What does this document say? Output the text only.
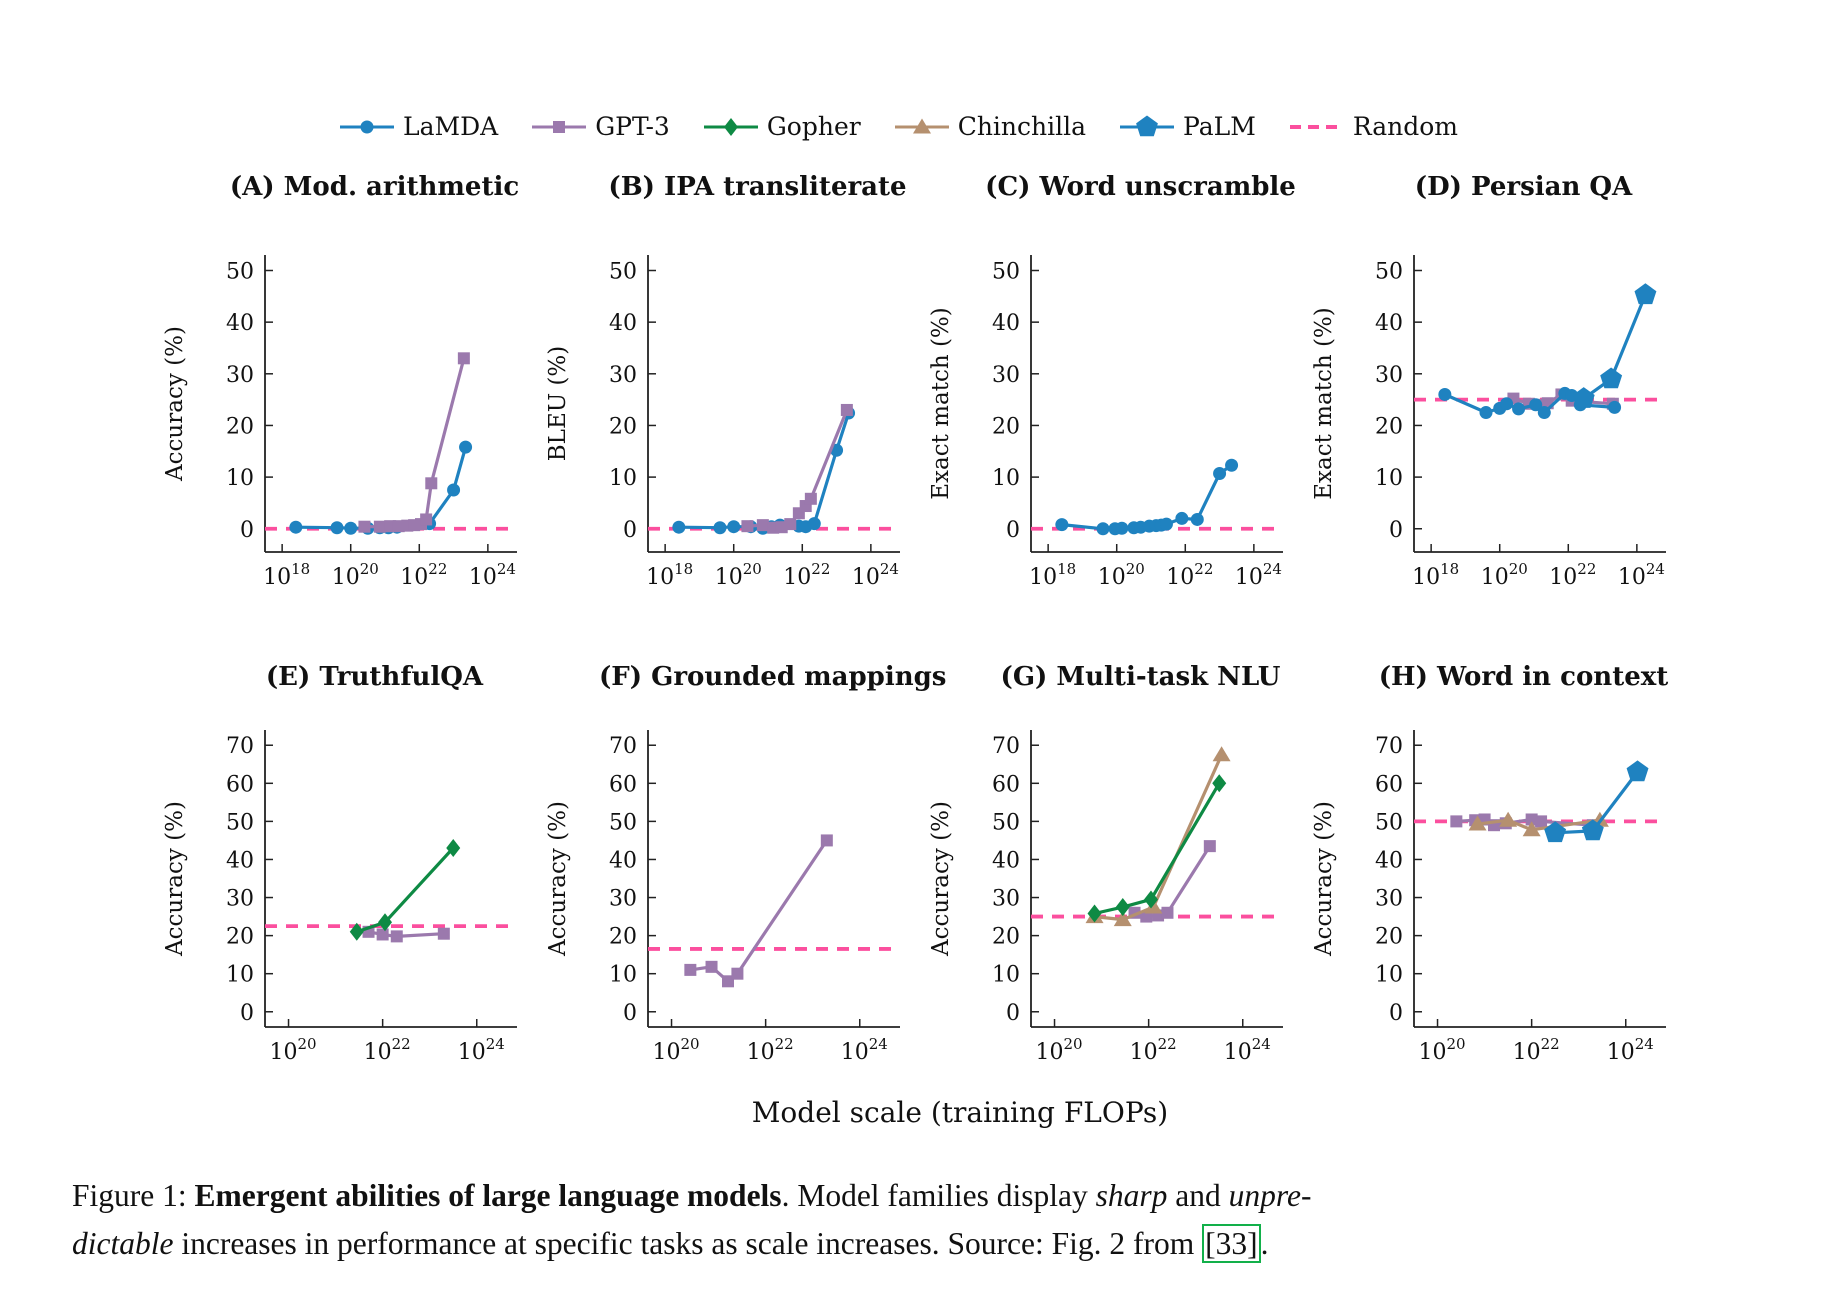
LaMDA	GPT-3	Gopher	Chinchilla	PaLM	Random
(A) Mod. arithmetic
0
10
20
30
40
50
$10^{18}$ $10^{20}$ $10^{22}$ $10^{24}$
Accuracy (%)
(B) IPA transliterate
0
10
20
30
40
50
$10^{18}$ $10^{20}$ $10^{22}$ $10^{24}$
BLEU (%)
(C) Word unscramble
0
10
20
30
40
50
$10^{18}$ $10^{20}$ $10^{22}$ $10^{24}$
Exact match (%)
(D) Persian QA
0
10
20
30
40
50
$10^{18}$ $10^{20}$ $10^{22}$ $10^{24}$
Exact match (%)
(E) TruthfulQA
0
10
20
30
40
50
60
70
$10^{20}$ $10^{22}$ $10^{24}$
Accuracy (%)
(F) Grounded mappings
0
10
20
30
40
50
60
70
$10^{20}$ $10^{22}$ $10^{24}$
Accuracy (%)
(G) Multi-task NLU
0
10
20
30
40
50
60
70
$10^{20}$ $10^{22}$ $10^{24}$
Accuracy (%)
(H) Word in context
0
10
20
30
40
50
60
70
$10^{20}$ $10^{22}$ $10^{24}$
Accuracy (%)
Model scale (training FLOPs)
Figure 1: Emergent abilities of large language models. Model families display sharp and unpre-
dictable increases in performance at specific tasks as scale increases. Source: Fig. 2 from [33].
